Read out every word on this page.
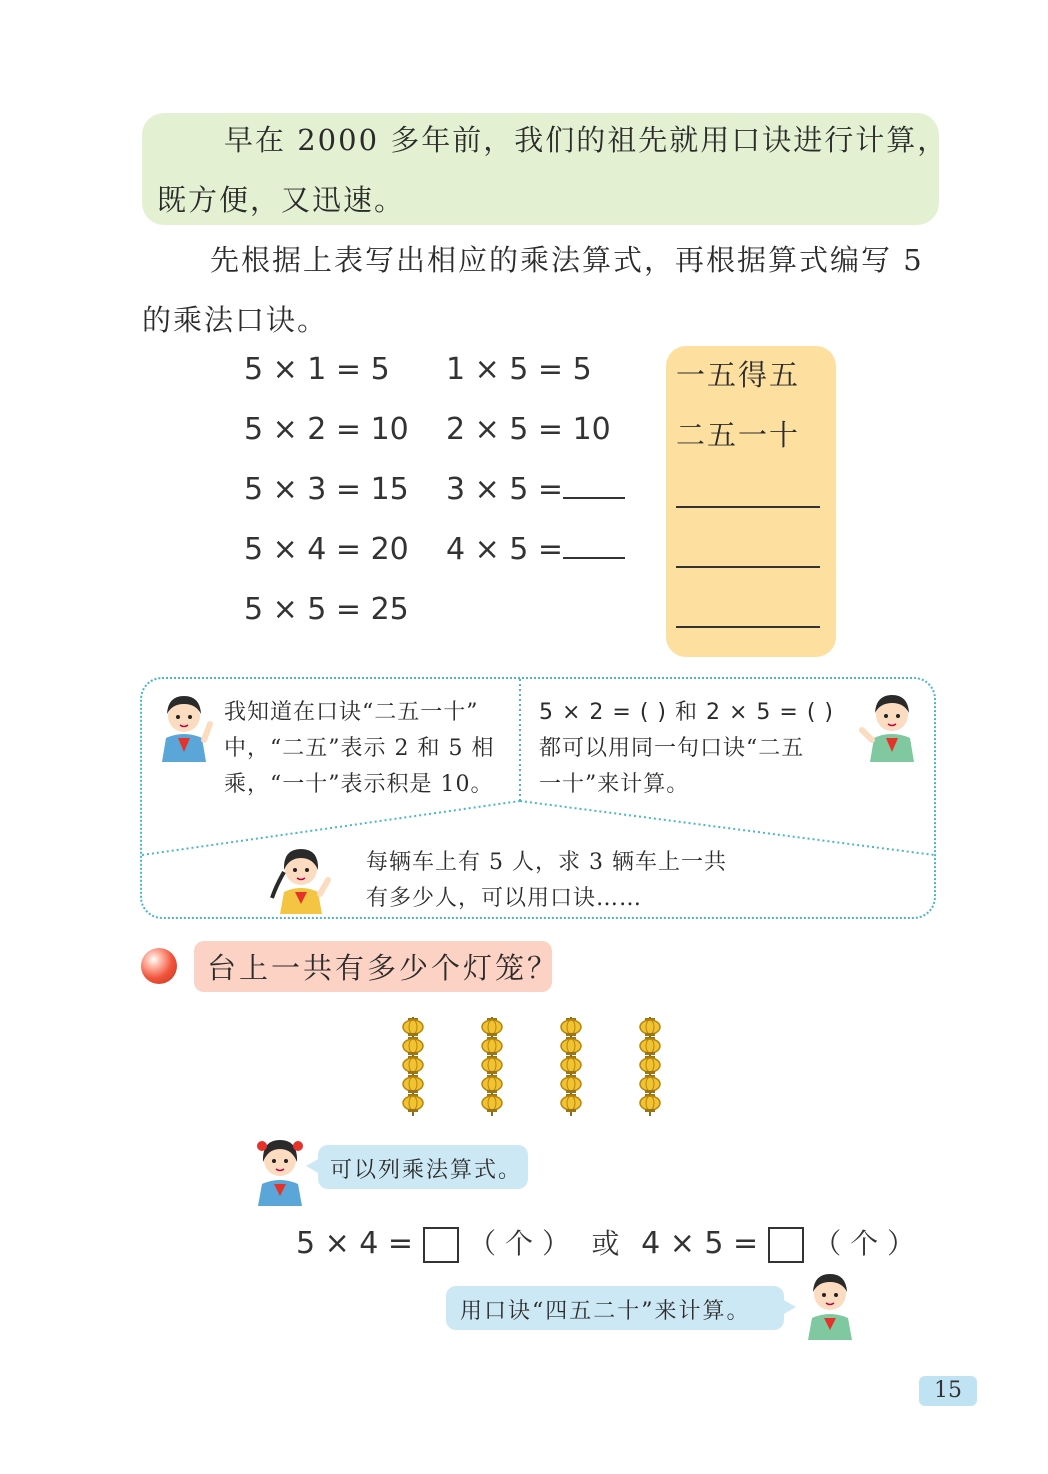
早在 2000 多年前，我们的祖先就用口诀进行计算，
既方便，又迅速。
先根据上表写出相应的乘法算式，再根据算式编写 5
的乘法口诀。
5 × 1 = 5
5 × 2 = 10
5 × 3 = 15
5 × 4 = 20
5 × 5 = 25
1 × 5 = 5
2 × 5 = 10
3 × 5 =
4 × 5 =
一五得五
二五一十
我知道在口诀“二五一十”
中，“二五”表示 2 和 5 相
乘，“一十”表示积是 10。
5 × 2 = ( ) 和 2 × 5 = ( )
都可以用同一句口诀“二五
一十”来计算。
每辆车上有 5 人，求 3 辆车上一共
有多少人，可以用口诀……
台上一共有多少个灯笼？
可以列乘法算式。
5 × 4 = （ 个 ） 或 4 × 5 = （ 个 ）
用口诀“四五二十”来计算。
15
